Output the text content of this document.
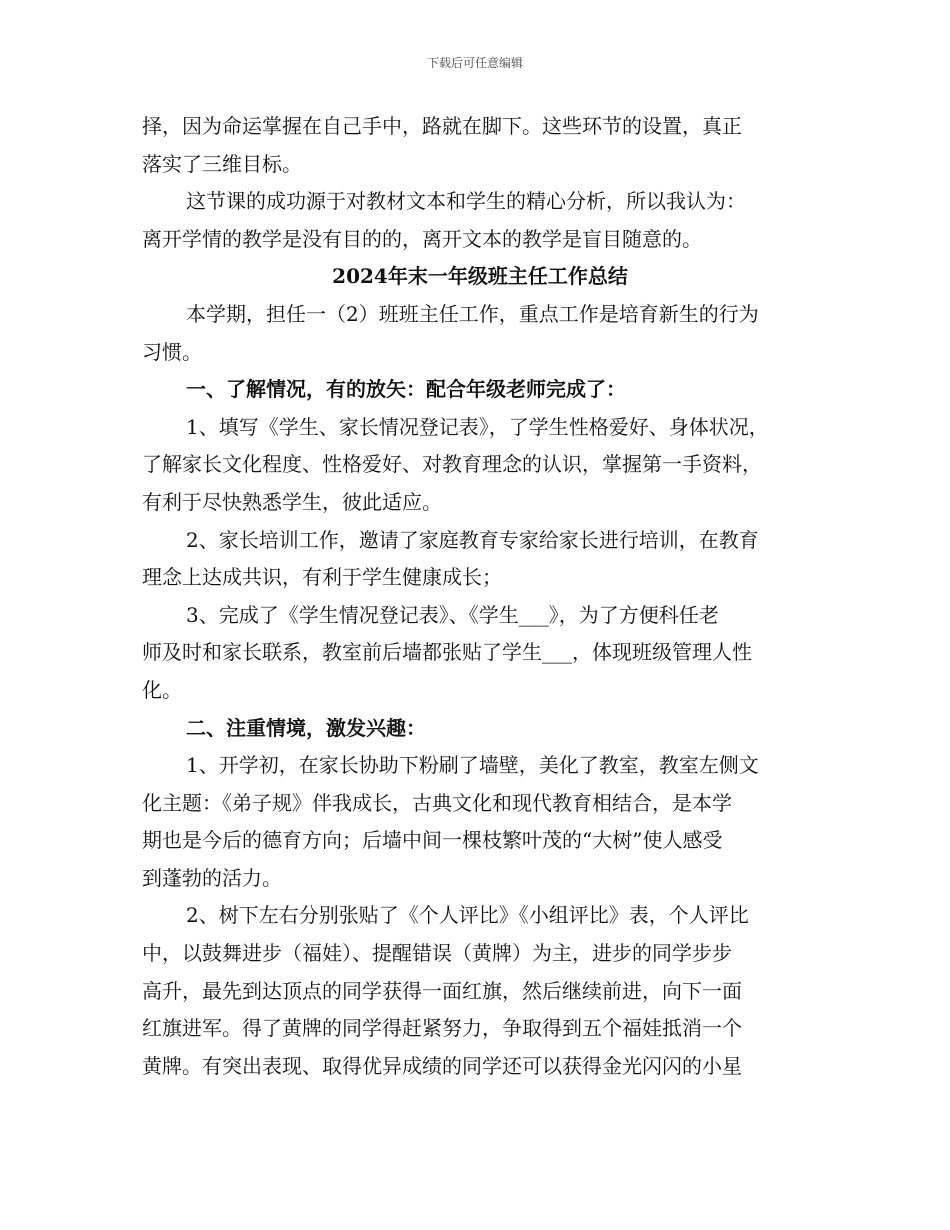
下载后可任意编辑
择，因为命运掌握在自己手中，路就在脚下。这些环节的设置，真正
落实了三维目标。
这节课的成功源于对教材文本和学生的精心分析，所以我认为：
离开学情的教学是没有目的的，离开文本的教学是盲目随意的。
2024年末一年级班主任工作总结
本学期，担任一（2）班班主任工作，重点工作是培育新生的行为
习惯。
一、了解情况，有的放矢：配合年级老师完成了：
1、填写《学生、家长情况登记表》，了学生性格爱好、身体状况，
了解家长文化程度、性格爱好、对教育理念的认识，掌握第一手资料，
有利于尽快熟悉学生，彼此适应。
2、家长培训工作，邀请了家庭教育专家给家长进行培训，在教育
理念上达成共识，有利于学生健康成长；
3、完成了《学生情况登记表》、《学生___》，为了方便科任老
师及时和家长联系，教室前后墙都张贴了学生___，体现班级管理人性
化。
二、注重情境，激发兴趣：
1、开学初，在家长协助下粉刷了墙壁，美化了教室，教室左侧文
化主题：《弟子规》伴我成长，古典文化和现代教育相结合，是本学
期也是今后的德育方向；后墙中间一棵枝繁叶茂的“大树”使人感受
到蓬勃的活力。
2、树下左右分别张贴了《个人评比》《小组评比》表，个人评比
中，以鼓舞进步（福娃）、提醒错误（黄牌）为主，进步的同学步步
高升，最先到达顶点的同学获得一面红旗，然后继续前进，向下一面
红旗进军。得了黄牌的同学得赶紧努力，争取得到五个福娃抵消一个
黄牌。有突出表现、取得优异成绩的同学还可以获得金光闪闪的小星
